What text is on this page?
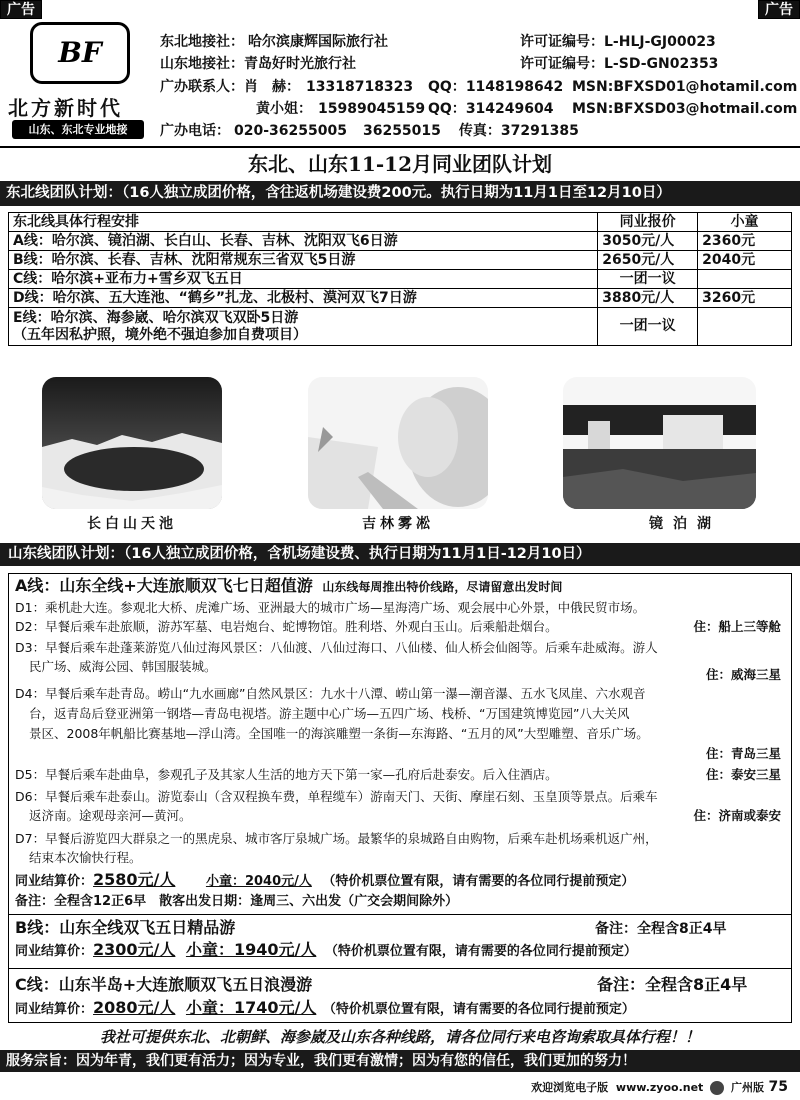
广告	广告
BF
北方新时代
山东、东北专业地接
东北地接社： 哈尔滨康辉国际旅行社	许可证编号：L-HLJ-GJ00023
山东地接社：青岛好时光旅行社	许可证编号：L-SD-GN02353
广办联系人：肖　赫： 13318718323 QQ：1148198642 MSN:BFXSD01@hotamil.com
黄小姐： 15989045159 QQ：314249604 MSN:BFXSD03@hotmail.com
广办电话： 020-36255005 36255015 传真：37291385
东北、山东11-12月同业团队计划
东北线团队计划：（16人独立成团价格，含往返机场建设费200元。执行日期为11月1日至12月10日）
东北线具体行程安排	同业报价	小童
A线：哈尔滨、镜泊湖、长白山、长春、吉林、沈阳双飞6日游	3050元/人	2360元
B线：哈尔滨、长春、吉林、沈阳常规东三省双飞5日游	2650元/人	2040元
C线：哈尔滨+亚布力+雪乡双飞五日	一团一议	
D线：哈尔滨、五大连池、“鹤乡”扎龙、北极村、漠河双飞7日游	3880元/人	3260元

E线：哈尔滨、海参崴、哈尔滨双飞双卧5日游
（五年因私护照，境外绝不强迫参加自费项目）	一团一议	
长白山天池	吉林雾凇	镜泊湖
山东线团队计划：（16人独立成团价格，含机场建设费、执行日期为11月1日-12月10日）
A线：山东全线+大连旅顺双飞七日超值游 山东线每周推出特价线路，尽请留意出发时间
D1：乘机赴大连。参观北大桥、虎滩广场、亚洲最大的城市广场—星海湾广场、观会展中心外景，中俄民贸市场。
D2：早餐后乘车赴旅顺，游苏军墓、电岩炮台、蛇博物馆。胜利塔、外观白玉山。后乘船赴烟台。	住：船上三等舱
D3：早餐后乘车赴蓬莱游览八仙过海风景区：八仙渡、八仙过海口、八仙楼、仙人桥会仙阁等。后乘车赴威海。游人
民广场、威海公园、韩国服装城。
住：威海三星
D4：早餐后乘车赴青岛。崂山“九水画廊”自然风景区：九水十八潭、崂山第一瀑—潮音瀑、五水飞凤崖、六水观音
台，返青岛后登亚洲第一钢塔—青岛电视塔。游主题中心广场—五四广场、栈桥、“万国建筑博览园”八大关风
景区、2008年帆船比赛基地—浮山湾。全国唯一的海滨雕塑一条街—东海路、“五月的风”大型雕塑、音乐广场。
住：青岛三星
D5：早餐后乘车赴曲阜，参观孔子及其家人生活的地方天下第一家—孔府后赴泰安。后入住酒店。	住：泰安三星
D6：早餐后乘车赴泰山。游览泰山（含双程换车费，单程缆车）游南天门、天街、摩崖石刻、玉皇顶等景点。后乘车
返济南。途观母亲河—黄河。	住：济南或泰安
D7：早餐后游览四大群泉之一的黑虎泉、城市客厅泉城广场。最繁华的泉城路自由购物，后乘车赴机场乘机返广州，
结束本次愉快行程。
同业结算价：2580元/人 小童：2040元/人 （特价机票位置有限，请有需要的各位同行提前预定）
备注：全程含12正6早　散客出发日期：逢周三、六出发（广交会期间除外）
B线：山东全线双飞五日精品游	备注：全程含8正4早
同业结算价：2300元/人 小童：1940元/人 （特价机票位置有限，请有需要的各位同行提前预定）
C线：山东半岛+大连旅顺双飞五日浪漫游	备注：全程含8正4早
同业结算价：2080元/人 小童：1740元/人 （特价机票位置有限，请有需要的各位同行提前预定）
我社可提供东北、北朝鲜、海参崴及山东各种线路，请各位同行来电咨询索取具体行程！！
服务宗旨：因为年青，我们更有活力；因为专业，我们更有激情；因为有您的信任，我们更加的努力！
欢迎浏览电子版 www.zyoo.net	广州版 75
